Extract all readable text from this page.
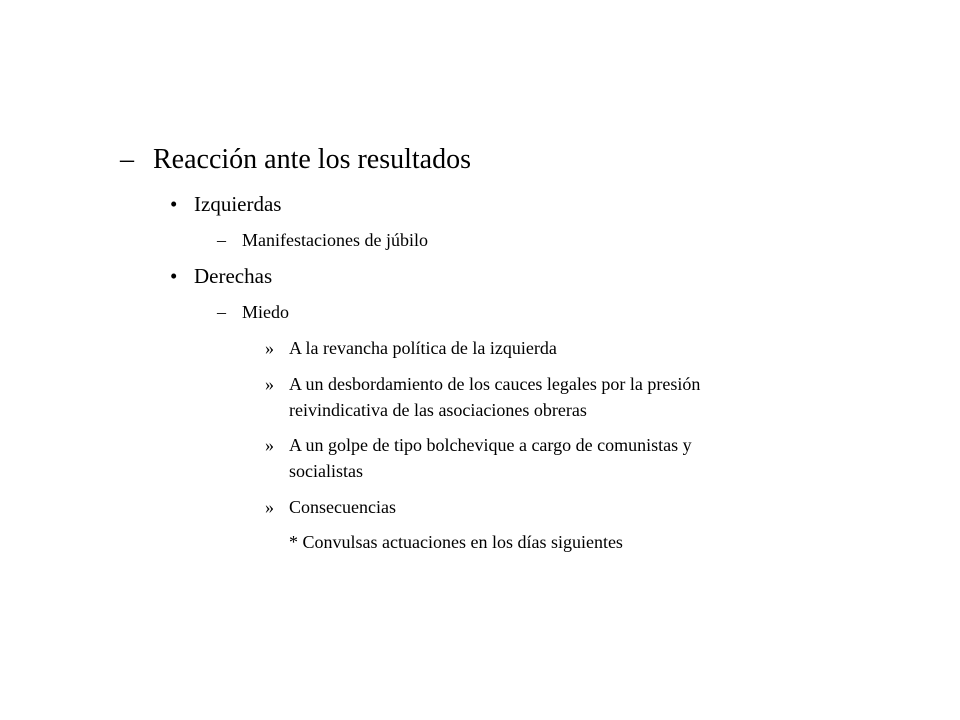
– Reacción ante los resultados
• Izquierdas
– Manifestaciones de júbilo
• Derechas
– Miedo
» A la revancha política de la izquierda
» A un desbordamiento de los cauces legales por la presión
reivindicativa de las asociaciones obreras
» A un golpe de tipo bolchevique a cargo de comunistas y
socialistas
» Consecuencias
* Convulsas actuaciones en los días siguientes
